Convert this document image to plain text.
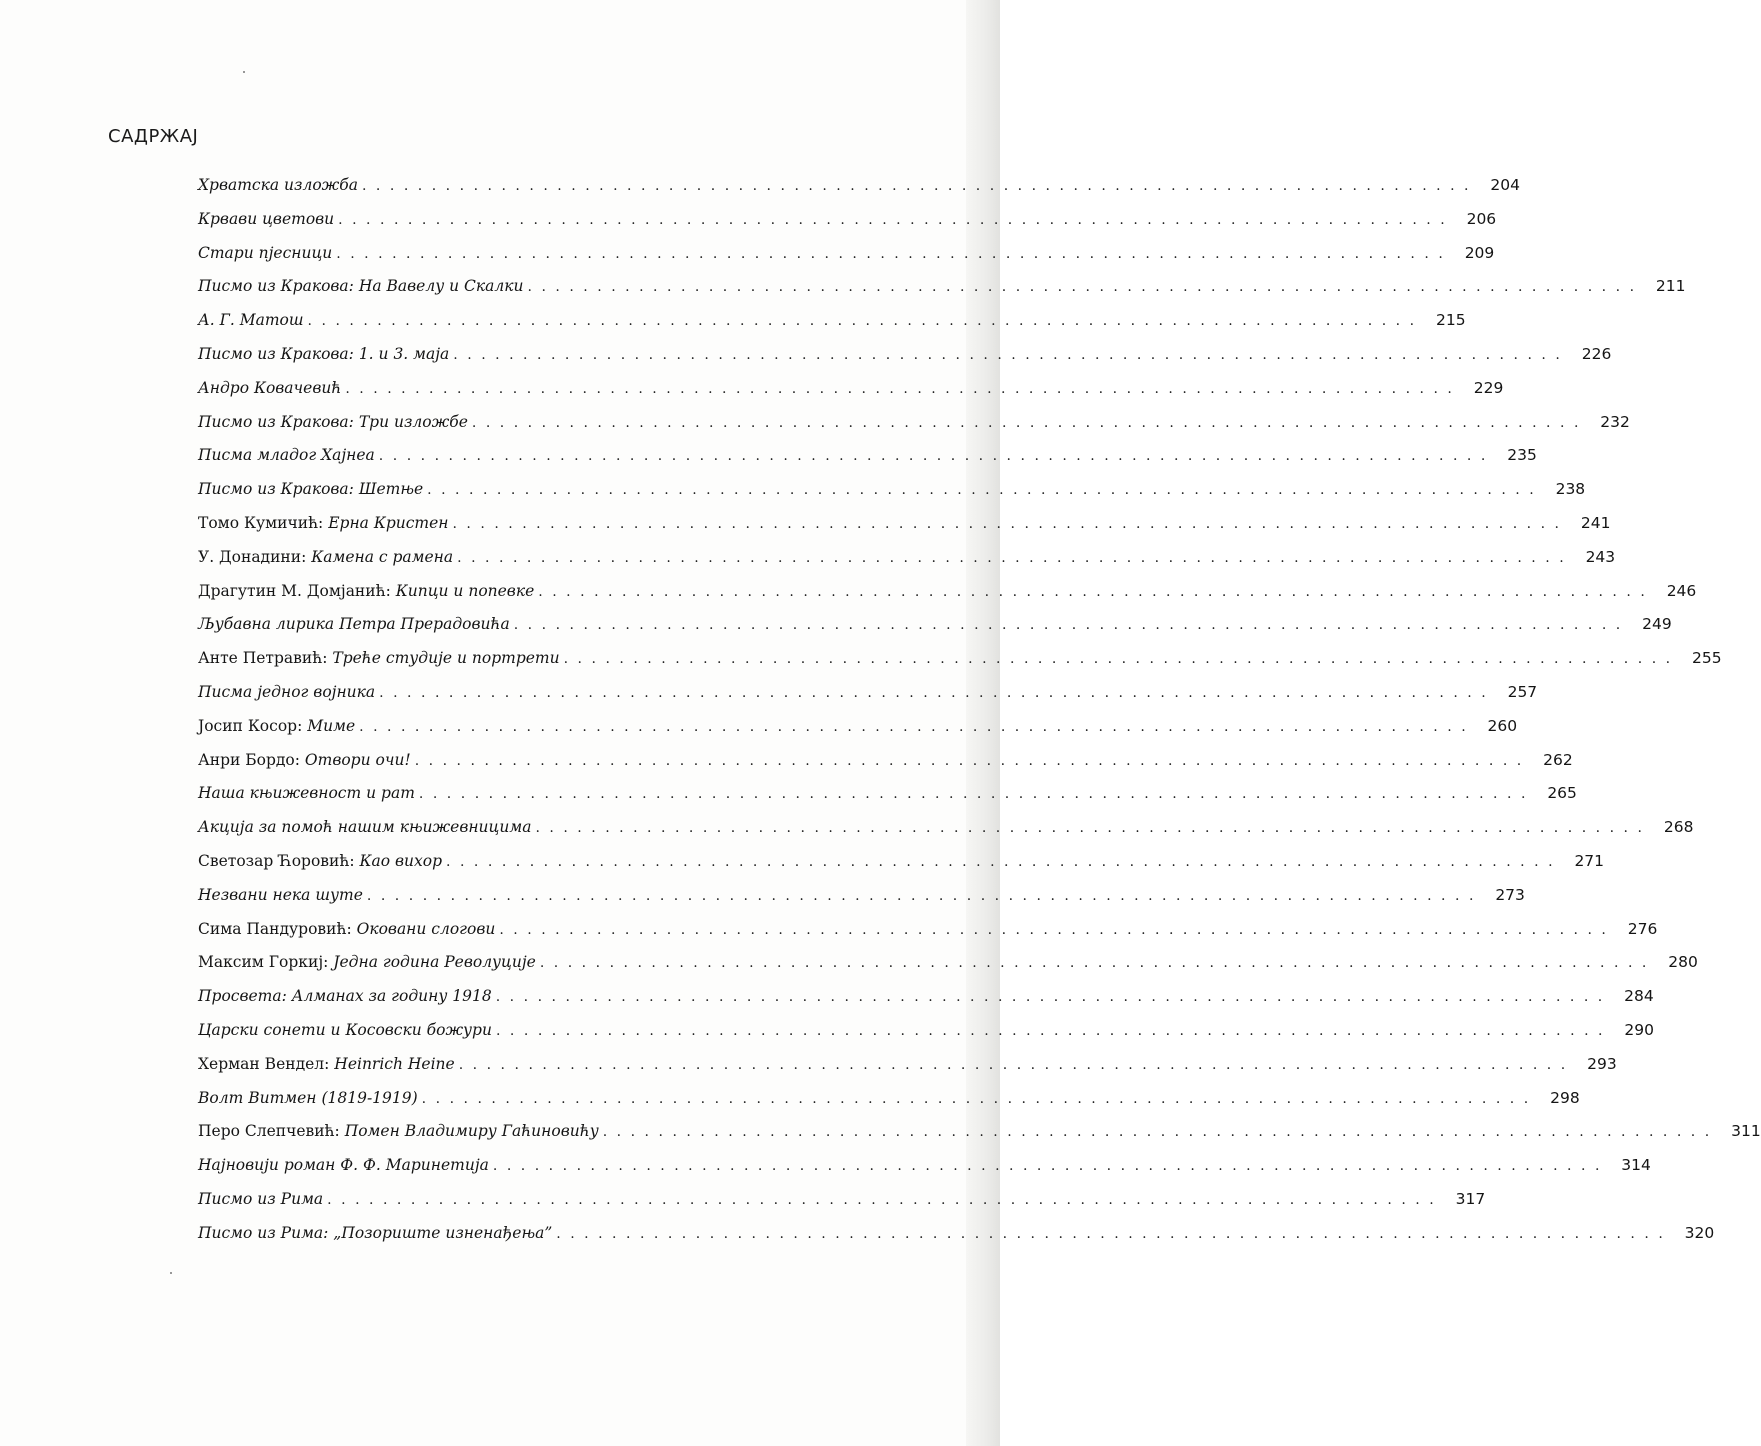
САДРЖАЈ
Хрватска изложба ................................................................................ 204
Крвави цветови ................................................................................ 206
Стари пјесници ................................................................................ 209
Писмо из Кракова: На Вавелу и Скалки ................................................................................ 211
А. Г. Матош ................................................................................ 215
Писмо из Кракова: 1. и 3. маја ................................................................................ 226
Андро Ковачевић ................................................................................ 229
Писмо из Кракова: Три изложбе ................................................................................ 232
Писма младог Хајнеа ................................................................................ 235
Писмо из Кракова: Шетње ................................................................................ 238
Томо Кумичић: Ерна Кристен ................................................................................ 241
У. Донадини: Камена с рамена ................................................................................ 243
Драгутин М. Домјанић: Кипци и попевке ................................................................................ 246
Љубавна лирика Петра Прерадовића ................................................................................ 249
Анте Петравић: Треће студије и портрети ................................................................................ 255
Писма једног војника ................................................................................ 257
Јосип Косор: Миме ................................................................................ 260
Анри Бордо: Отвори очи! ................................................................................ 262
Наша књижевност и рат ................................................................................ 265
Акција за помоћ нашим књижевницима ................................................................................ 268
Светозар Ћоровић: Као вихор ................................................................................ 271
Незвани нека шуте ................................................................................ 273
Сима Пандуровић: Оковани слогови ................................................................................ 276
Максим Горкиј: Једна година Револуције ................................................................................ 280
Просвета: Алманах за годину 1918 ................................................................................ 284
Царски сонети и Косовски божури ................................................................................ 290
Херман Вендел: Heinrich Heine ................................................................................ 293
Волт Витмен (1819-1919) ................................................................................ 298
Перо Слепчевић: Помен Владимиру Гаћиновићу ................................................................................ 311
Најновији роман Ф. Ф. Маринетија ................................................................................ 314
Писмо из Рима ................................................................................ 317
Писмо из Рима: „Позориште изненађења” ................................................................................ 320
